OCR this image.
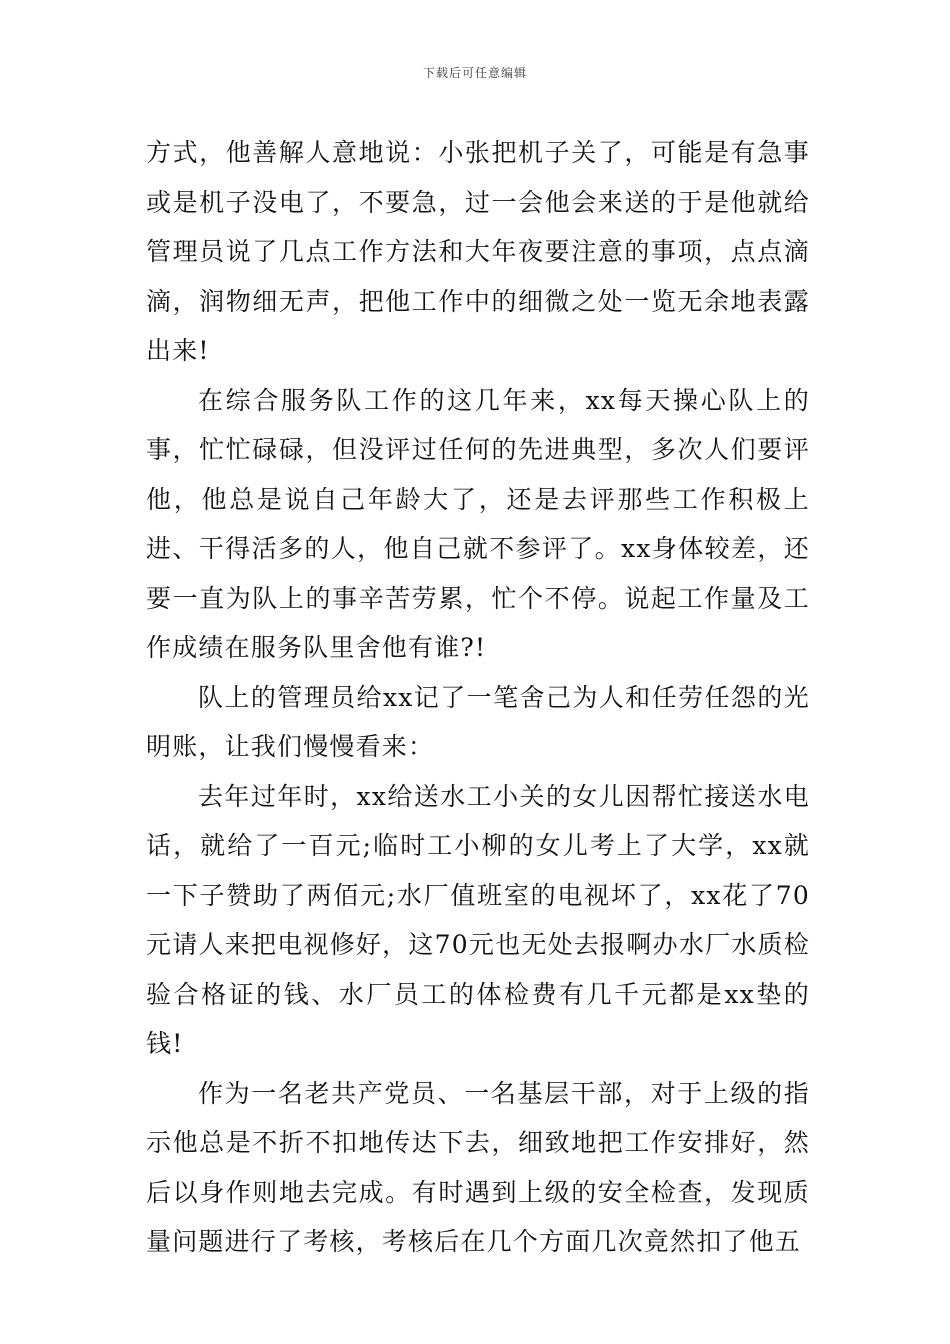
下载后可任意编辑

方式，他善解人意地说：小张把机子关了，可能是有急事或是机子没电了，不要急，过一会他会来送的于是他就给管理员说了几点工作方法和大年夜要注意的事项，点点滴滴，润物细无声，把他工作中的细微之处一览无余地表露出来!

在综合服务队工作的这几年来，xx每天操心队上的事，忙忙碌碌，但没评过任何的先进典型，多次人们要评他，他总是说自己年龄大了，还是去评那些工作积极上进、干得活多的人，他自己就不参评了。xx身体较差，还要一直为队上的事辛苦劳累，忙个不停。说起工作量及工作成绩在服务队里舍他有谁?!

队上的管理员给xx记了一笔舍己为人和任劳任怨的光明账，让我们慢慢看来：

去年过年时，xx给送水工小关的女儿因帮忙接送水电话，就给了一百元;临时工小柳的女儿考上了大学，xx就一下子赞助了两佰元;水厂值班室的电视坏了，xx花了70元请人来把电视修好，这70元也无处去报啊办水厂水质检验合格证的钱、水厂员工的体检费有几千元都是xx垫的钱!

作为一名老共产党员、一名基层干部，对于上级的指示他总是不折不扣地传达下去，细致地把工作安排好，然后以身作则地去完成。有时遇到上级的安全检查，发现质量问题进行了考核，考核后在几个方面几次竟然扣了他五
